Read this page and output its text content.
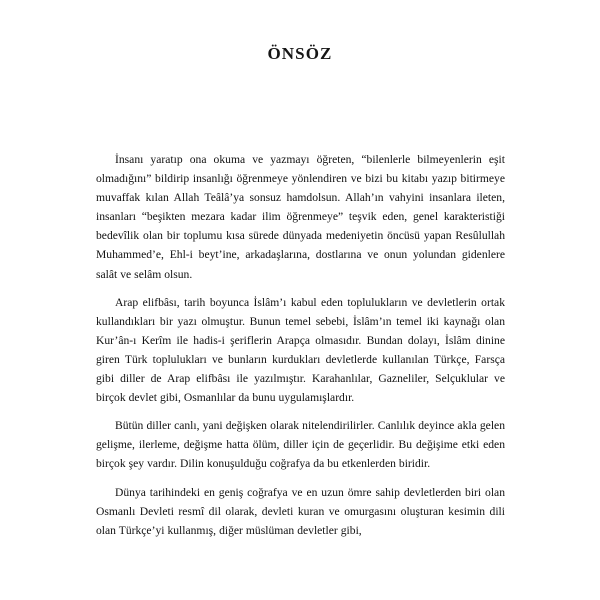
ÖNSÖZ

İnsanı yaratıp ona okuma ve yazmayı öğreten, “bilenlerle bilmeyenlerin eşit olmadığını” bildirip insanlığı öğrenmeye yönlendiren ve bizi bu kitabı yazıp bitirmeye muvaffak kılan Allah Teâlâ’ya sonsuz hamdolsun. Allah’ın vahyini insanlara ileten, insanları “beşikten mezara kadar ilim öğrenmeye” teşvik eden, genel karakteristiği bedevîlik olan bir toplumu kısa sürede dünyada medeniyetin öncüsü yapan Resûlullah Muhammed’e, Ehl-i beyt’ine, arkadaşlarına, dostlarına ve onun yolundan gidenlere salât ve selâm olsun.

Arap elifbâsı, tarih boyunca İslâm’ı kabul eden toplulukların ve devletlerin ortak kullandıkları bir yazı olmuştur. Bunun temel sebebi, İslâm’ın temel iki kaynağı olan Kur’ân-ı Kerîm ile hadis-i şeriflerin Arapça olmasıdır. Bundan dolayı, İslâm dinine giren Türk toplulukları ve bunların kurdukları devletlerde kullanılan Türkçe, Farsça gibi diller de Arap elifbâsı ile yazılmıştır. Karahanlılar, Gazneliler, Selçuklular ve birçok devlet gibi, Osmanlılar da bunu uygulamışlardır.

Bütün diller canlı, yani değişken olarak nitelendirilirler. Canlılık deyince akla gelen gelişme, ilerleme, değişme hatta ölüm, diller için de geçerlidir. Bu değişime etki eden birçok şey vardır. Dilin konuşulduğu coğrafya da bu etkenlerden biridir.

Dünya tarihindeki en geniş coğrafya ve en uzun ömre sahip devletlerden biri olan Osmanlı Devleti resmî dil olarak, devleti kuran ve omurgasını oluşturan kesimin dili olan Türkçe’yi kullanmış, diğer müslüman devletler gibi,
